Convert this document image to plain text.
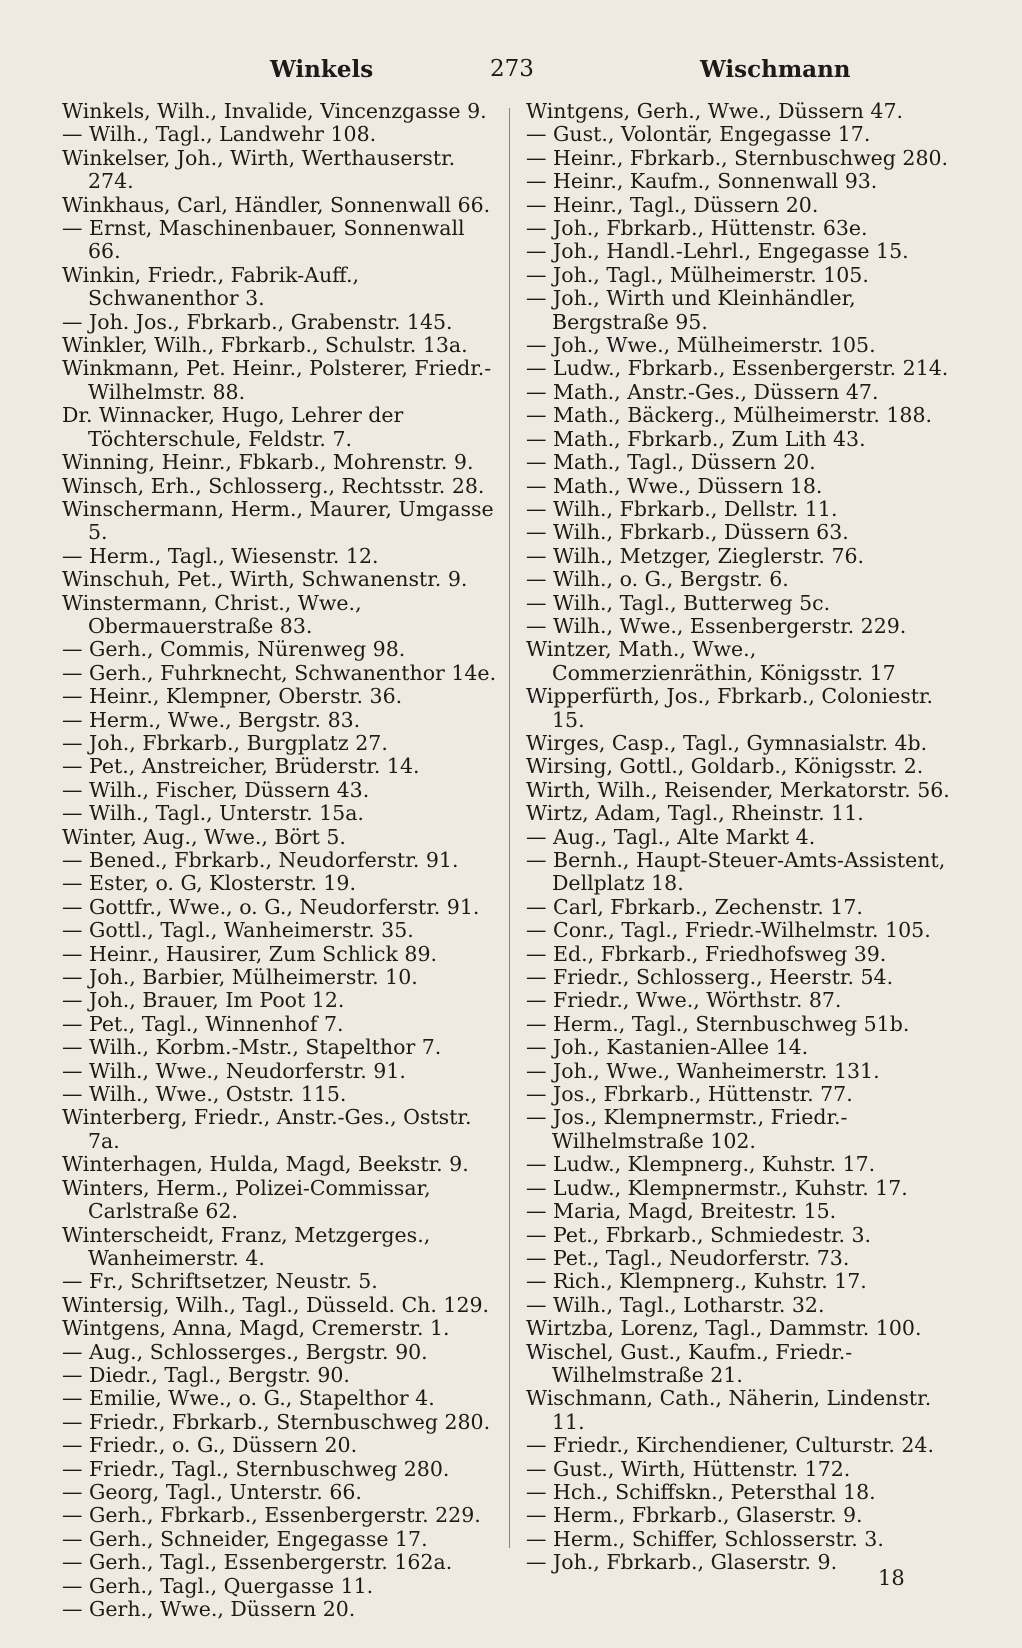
Winkels	273	Wischmann
Winkels, Wilh., Invalide, Vincenzgasse 9.
— Wilh., Tagl., Landwehr 108.
Winkelser, Joh., Wirth, Werthauserstr. 274.
Winkhaus, Carl, Händler, Sonnenwall 66.
— Ernst, Maschinenbauer, Sonnenwall 66.
Winkin, Friedr., Fabrik-Auff., Schwanenthor 3.
— Joh. Jos., Fbrkarb., Grabenstr. 145.
Winkler, Wilh., Fbrkarb., Schulstr. 13a.
Winkmann, Pet. Heinr., Polsterer, Friedr.-Wilhelmstr. 88.
Dr. Winnacker, Hugo, Lehrer der Töchterschule, Feldstr. 7.
Winning, Heinr., Fbkarb., Mohrenstr. 9.
Winsch, Erh., Schlosserg., Rechtsstr. 28.
Winschermann, Herm., Maurer, Umgasse 5.
— Herm., Tagl., Wiesenstr. 12.
Winschuh, Pet., Wirth, Schwanenstr. 9.
Winstermann, Christ., Wwe., Obermauerstraße 83.
— Gerh., Commis, Nürenweg 98.
— Gerh., Fuhrknecht, Schwanenthor 14e.
— Heinr., Klempner, Oberstr. 36.
— Herm., Wwe., Bergstr. 83.
— Joh., Fbrkarb., Burgplatz 27.
— Pet., Anstreicher, Brüderstr. 14.
— Wilh., Fischer, Düssern 43.
— Wilh., Tagl., Unterstr. 15a.
Winter, Aug., Wwe., Bört 5.
— Bened., Fbrkarb., Neudorferstr. 91.
— Ester, o. G, Klosterstr. 19.
— Gottfr., Wwe., o. G., Neudorferstr. 91.
— Gottl., Tagl., Wanheimerstr. 35.
— Heinr., Hausirer, Zum Schlick 89.
— Joh., Barbier, Mülheimerstr. 10.
— Joh., Brauer, Im Poot 12.
— Pet., Tagl., Winnenhof 7.
— Wilh., Korbm.-Mstr., Stapelthor 7.
— Wilh., Wwe., Neudorferstr. 91.
— Wilh., Wwe., Oststr. 115.
Winterberg, Friedr., Anstr.-Ges., Oststr. 7a.
Winterhagen, Hulda, Magd, Beekstr. 9.
Winters, Herm., Polizei-Commissar, Carlstraße 62.
Winterscheidt, Franz, Metzgerges., Wanheimerstr. 4.
— Fr., Schriftsetzer, Neustr. 5.
Wintersig, Wilh., Tagl., Düsseld. Ch. 129.
Wintgens, Anna, Magd, Cremerstr. 1.
— Aug., Schlosserges., Bergstr. 90.
— Diedr., Tagl., Bergstr. 90.
— Emilie, Wwe., o. G., Stapelthor 4.
— Friedr., Fbrkarb., Sternbuschweg 280.
— Friedr., o. G., Düssern 20.
— Friedr., Tagl., Sternbuschweg 280.
— Georg, Tagl., Unterstr. 66.
— Gerh., Fbrkarb., Essenbergerstr. 229.
— Gerh., Schneider, Engegasse 17.
— Gerh., Tagl., Essenbergerstr. 162a.
— Gerh., Tagl., Quergasse 11.
— Gerh., Wwe., Düssern 20.
Wintgens, Gerh., Wwe., Düssern 47.
— Gust., Volontär, Engegasse 17.
— Heinr., Fbrkarb., Sternbuschweg 280.
— Heinr., Kaufm., Sonnenwall 93.
— Heinr., Tagl., Düssern 20.
— Joh., Fbrkarb., Hüttenstr. 63e.
— Joh., Handl.-Lehrl., Engegasse 15.
— Joh., Tagl., Mülheimerstr. 105.
— Joh., Wirth und Kleinhändler, Bergstraße 95.
— Joh., Wwe., Mülheimerstr. 105.
— Ludw., Fbrkarb., Essenbergerstr. 214.
— Math., Anstr.-Ges., Düssern 47.
— Math., Bäckerg., Mülheimerstr. 188.
— Math., Fbrkarb., Zum Lith 43.
— Math., Tagl., Düssern 20.
— Math., Wwe., Düssern 18.
— Wilh., Fbrkarb., Dellstr. 11.
— Wilh., Fbrkarb., Düssern 63.
— Wilh., Metzger, Zieglerstr. 76.
— Wilh., o. G., Bergstr. 6.
— Wilh., Tagl., Butterweg 5c.
— Wilh., Wwe., Essenbergerstr. 229.
Wintzer, Math., Wwe., Commerzienräthin, Königsstr. 17
Wipperfürth, Jos., Fbrkarb., Coloniestr. 15.
Wirges, Casp., Tagl., Gymnasialstr. 4b.
Wirsing, Gottl., Goldarb., Königsstr. 2.
Wirth, Wilh., Reisender, Merkatorstr. 56.
Wirtz, Adam, Tagl., Rheinstr. 11.
— Aug., Tagl., Alte Markt 4.
— Bernh., Haupt-Steuer-Amts-Assistent, Dellplatz 18.
— Carl, Fbrkarb., Zechenstr. 17.
— Conr., Tagl., Friedr.-Wilhelmstr. 105.
— Ed., Fbrkarb., Friedhofsweg 39.
— Friedr., Schlosserg., Heerstr. 54.
— Friedr., Wwe., Wörthstr. 87.
— Herm., Tagl., Sternbuschweg 51b.
— Joh., Kastanien-Allee 14.
— Joh., Wwe., Wanheimerstr. 131.
— Jos., Fbrkarb., Hüttenstr. 77.
— Jos., Klempnermstr., Friedr.-Wilhelmstraße 102.
— Ludw., Klempnerg., Kuhstr. 17.
— Ludw., Klempnermstr., Kuhstr. 17.
— Maria, Magd, Breitestr. 15.
— Pet., Fbrkarb., Schmiedestr. 3.
— Pet., Tagl., Neudorferstr. 73.
— Rich., Klempnerg., Kuhstr. 17.
— Wilh., Tagl., Lotharstr. 32.
Wirtzba, Lorenz, Tagl., Dammstr. 100.
Wischel, Gust., Kaufm., Friedr.-Wilhelmstraße 21.
Wischmann, Cath., Näherin, Lindenstr. 11.
— Friedr., Kirchendiener, Culturstr. 24.
— Gust., Wirth, Hüttenstr. 172.
— Hch., Schiffskn., Petersthal 18.
— Herm., Fbrkarb., Glaserstr. 9.
— Herm., Schiffer, Schlosserstr. 3.
— Joh., Fbrkarb., Glaserstr. 9.
18
